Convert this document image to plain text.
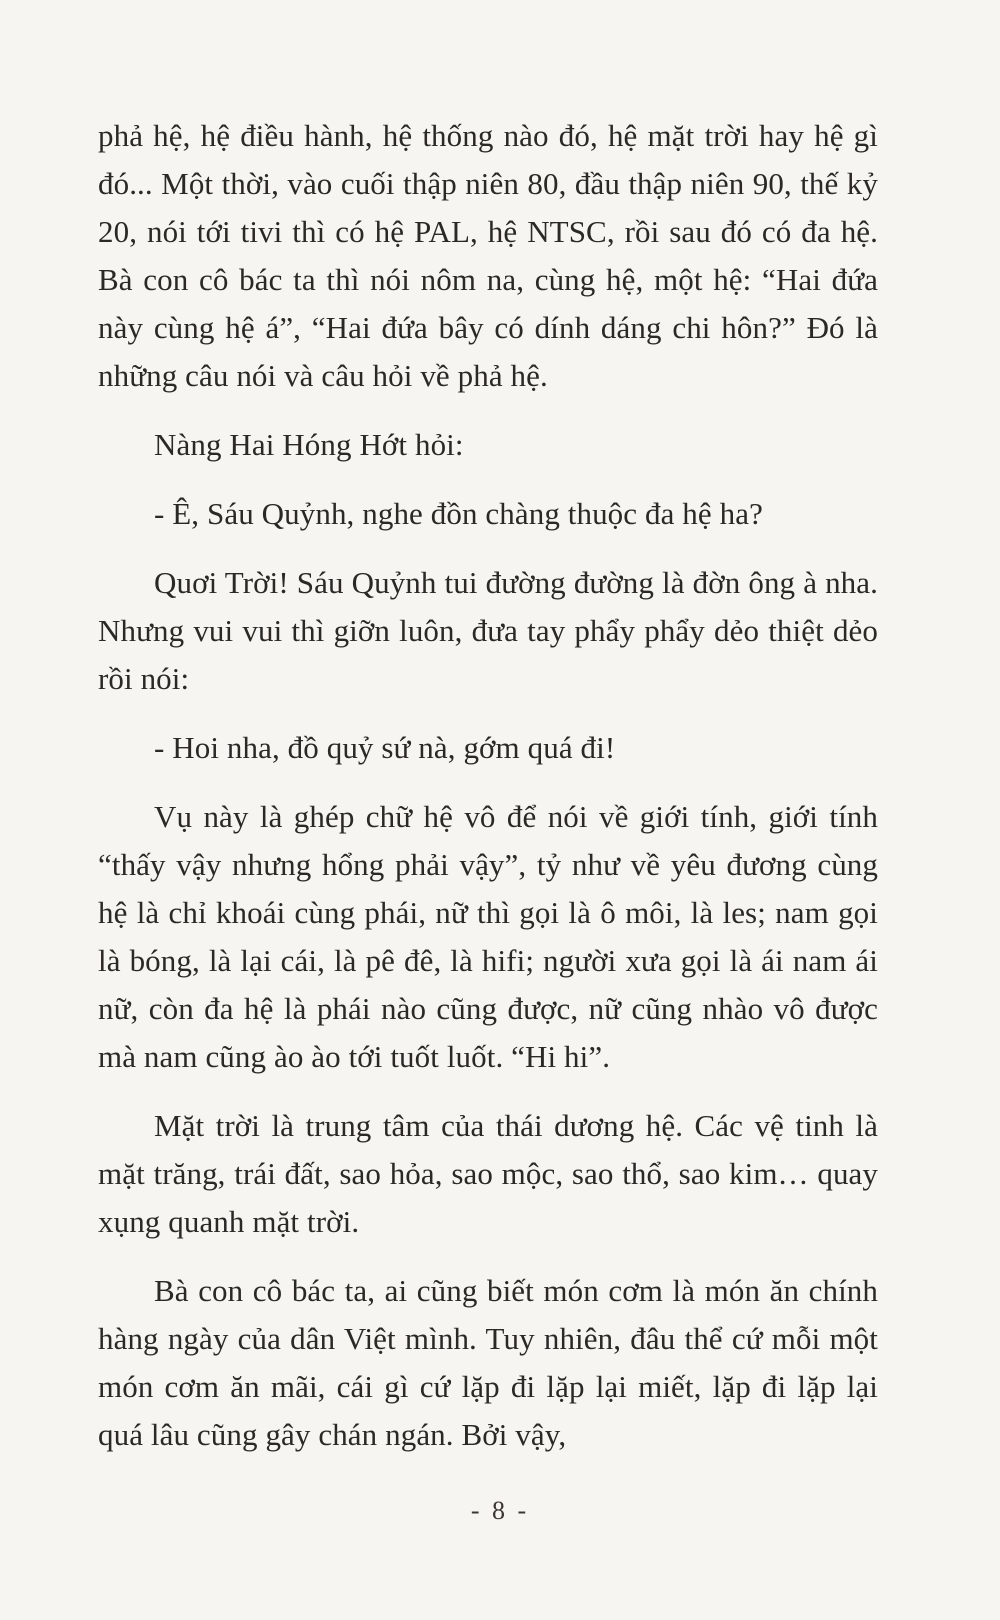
phả hệ, hệ điều hành, hệ thống nào đó, hệ mặt trời hay hệ gì đó... Một thời, vào cuối thập niên 80, đầu thập niên 90, thế kỷ 20, nói tới tivi thì có hệ PAL, hệ NTSC, rồi sau đó có đa hệ. Bà con cô bác ta thì nói nôm na, cùng hệ, một hệ: “Hai đứa này cùng hệ á”, “Hai đứa bây có dính dáng chi hôn?” Đó là những câu nói và câu hỏi về phả hệ.

Nàng Hai Hóng Hớt hỏi:

- Ê, Sáu Quỷnh, nghe đồn chàng thuộc đa hệ ha?

Quơi Trời! Sáu Quỷnh tui đường đường là đờn ông à nha. Nhưng vui vui thì giỡn luôn, đưa tay phẩy phẩy dẻo thiệt dẻo rồi nói:

- Hoi nha, đồ quỷ sứ nà, gớm quá đi!

Vụ này là ghép chữ hệ vô để nói về giới tính, giới tính “thấy vậy nhưng hổng phải vậy”, tỷ như về yêu đương cùng hệ là chỉ khoái cùng phái, nữ thì gọi là ô môi, là les; nam gọi là bóng, là lại cái, là pê đê, là hifi; người xưa gọi là ái nam ái nữ, còn đa hệ là phái nào cũng được, nữ cũng nhào vô được mà nam cũng ào ào tới tuốt luốt. “Hi hi”.

Mặt trời là trung tâm của thái dương hệ. Các vệ tinh là mặt trăng, trái đất, sao hỏa, sao mộc, sao thổ, sao kim… quay xụng quanh mặt trời.

Bà con cô bác ta, ai cũng biết món cơm là món ăn chính hàng ngày của dân Việt mình. Tuy nhiên, đâu thể cứ mỗi một món cơm ăn mãi, cái gì cứ lặp đi lặp lại miết, lặp đi lặp lại quá lâu cũng gây chán ngán. Bởi vậy,

- 8 -
